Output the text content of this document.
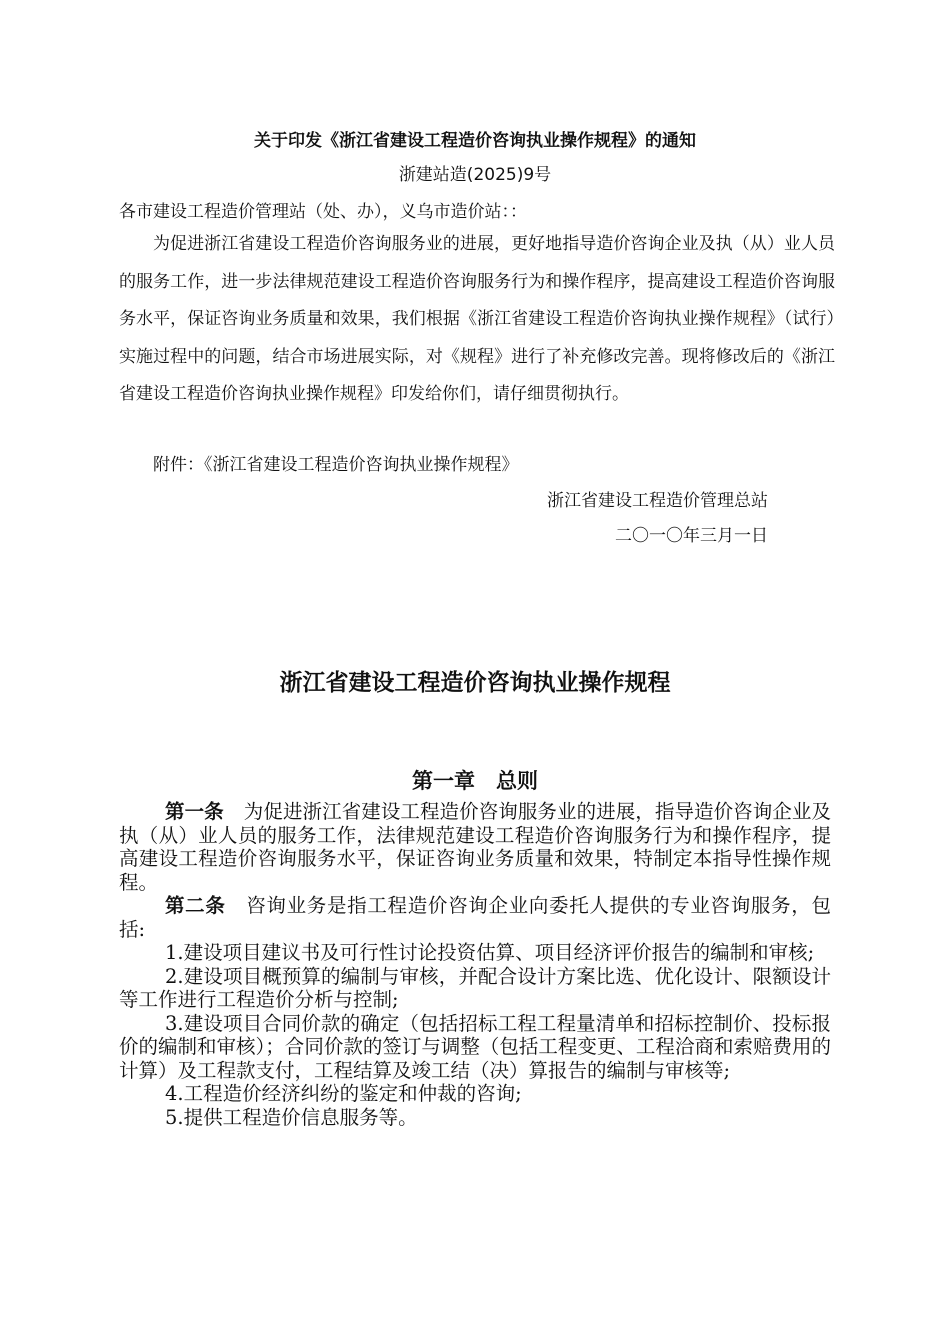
关于印发《浙江省建设工程造价咨询执业操作规程》的通知
浙建站造(2025)9号
各市建设工程造价管理站（处、办），义乌市造价站：：

为促进浙江省建设工程造价咨询服务业的进展，更好地指导造价咨询企业及执（从）业人员的服务工作，进一步法律规范建设工程造价咨询服务行为和操作程序，提高建设工程造价咨询服务水平，保证咨询业务质量和效果，我们根据《浙江省建设工程造价咨询执业操作规程》（试行）实施过程中的问题，结合市场进展实际，对《规程》进行了补充修改完善。现将修改后的《浙江省建设工程造价咨询执业操作规程》印发给你们，请仔细贯彻执行。

附件：《浙江省建设工程造价咨询执业操作规程》
浙江省建设工程造价管理总站
二〇一〇年三月一日
浙江省建设工程造价咨询执业操作规程
第一章　总则

第一条 为促进浙江省建设工程造价咨询服务业的进展，指导造价咨询企业及执（从）业人员的服务工作，法律规范建设工程造价咨询服务行为和操作程序，提高建设工程造价咨询服务水平，保证咨询业务质量和效果，特制定本指导性操作规程。

第二条 咨询业务是指工程造价咨询企业向委托人提供的专业咨询服务，包括:

1.建设项目建议书及可行性讨论投资估算、项目经济评价报告的编制和审核;

2.建设项目概预算的编制与审核，并配合设计方案比选、优化设计、限额设计等工作进行工程造价分析与控制;

3.建设项目合同价款的确定（包括招标工程工程量清单和招标控制价、投标报价的编制和审核）；合同价款的签订与调整（包括工程变更、工程洽商和索赔费用的计算）及工程款支付，工程结算及竣工结（决）算报告的编制与审核等;

4.工程造价经济纠纷的鉴定和仲裁的咨询;

5.提供工程造价信息服务等。
